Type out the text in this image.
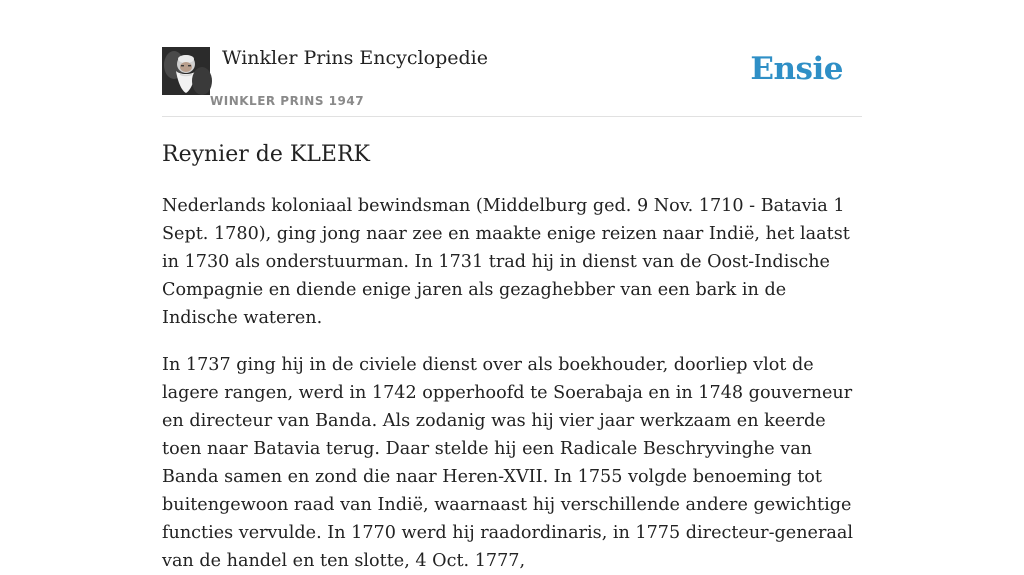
Winkler Prins Encyclopedie
WINKLER PRINS 1947
Ensie
Reynier de KLERK

Nederlands koloniaal bewindsman (Middelburg ged. 9 Nov. 1710 - Batavia 1 Sept. 1780), ging jong naar zee en maakte enige reizen naar Indië, het laatst in 1730 als onderstuurman. In 1731 trad hij in dienst van de Oost-Indische Compagnie en diende enige jaren als gezaghebber van een bark in de Indische wateren.

In 1737 ging hij in de civiele dienst over als boekhouder, doorliep vlot de lagere rangen, werd in 1742 opperhoofd te Soerabaja en in 1748 gouverneur en directeur van Banda. Als zodanig was hij vier jaar werkzaam en keerde toen naar Batavia terug. Daar stelde hij een Radicale Beschryvinghe van Banda samen en zond die naar Heren-XVII. In 1755 volgde benoeming tot buitengewoon raad van Indië, waarnaast hij verschillende andere gewichtige functies vervulde. In 1770 werd hij raadordinaris, in 1775 directeur-generaal van de handel en ten slotte, 4 Oct. 1777,
